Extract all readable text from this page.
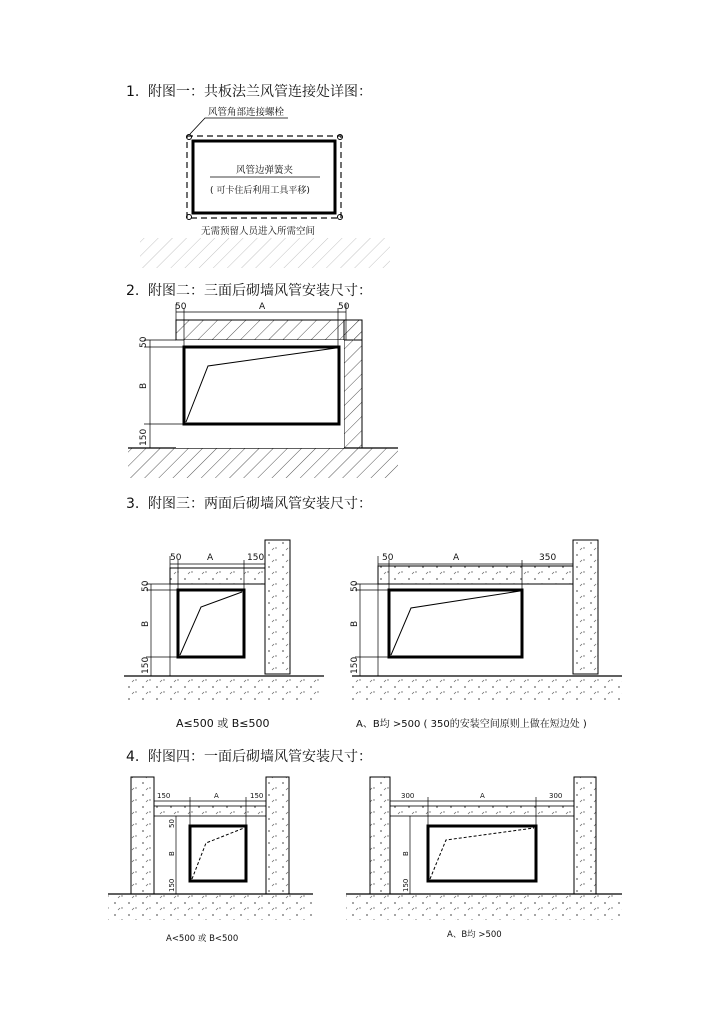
1. 附图一：共板法兰风管连接处详图：
2. 附图二：三面后砌墙风管安装尺寸：
3. 附图三：两面后砌墙风管安装尺寸：
4. 附图四：一面后砌墙风管安装尺寸：
风管角部连接螺栓
风管边弹簧夹
( 可卡住后利用工具平移)
无需预留人员进入所需空间
50	A	50
50
B
150
50	A	150
50
B
150
A≤500 或 B≤500
50	A	350
50
B
150
A、B均 >500 ( 350的安装空间原则上做在短边处 )
150	A	150
50
B
150
A<500 或 B<500
300	A	300
B
150
A、B均 >500
